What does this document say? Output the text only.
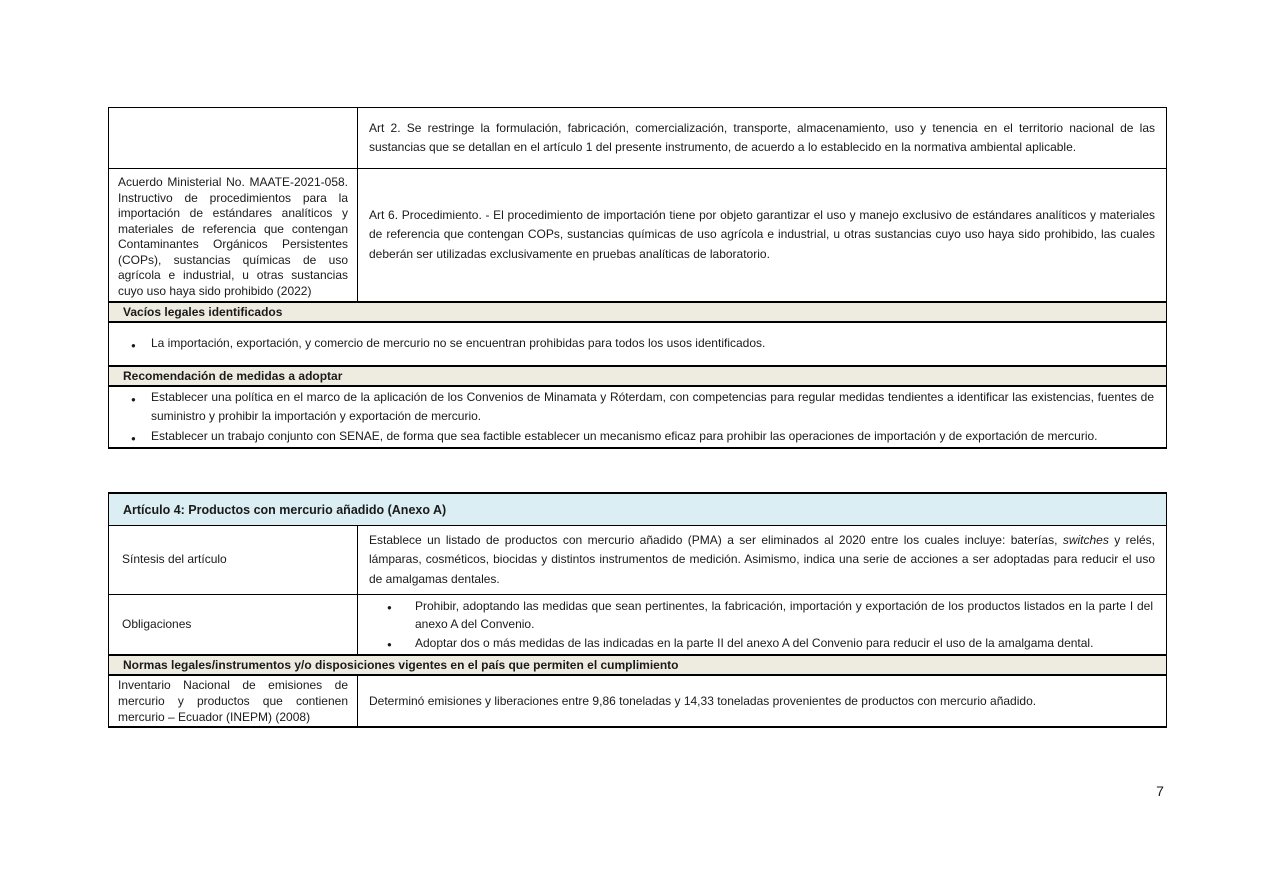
Art 2. Se restringe la formulación, fabricación, comercialización, transporte, almacenamiento, uso y tenencia en el territorio nacional de las sustancias que se detallan en el artículo 1 del presente instrumento, de acuerdo a lo establecido en la normativa ambiental aplicable.
Acuerdo Ministerial No. MAATE-2021-058. Instructivo de procedimientos para la importación de estándares analíticos y materiales de referencia que contengan Contaminantes Orgánicos Persistentes (COPs), sustancias químicas de uso agrícola e industrial, u otras sustancias cuyo uso haya sido prohibido (2022)
Art 6. Procedimiento. - El procedimiento de importación tiene por objeto garantizar el uso y manejo exclusivo de estándares analíticos y materiales de referencia que contengan COPs, sustancias químicas de uso agrícola e industrial, u otras sustancias cuyo uso haya sido prohibido, las cuales deberán ser utilizadas exclusivamente en pruebas analíticas de laboratorio.
Vacíos legales identificados
● La importación, exportación, y comercio de mercurio no se encuentran prohibidas para todos los usos identificados.
Recomendación de medidas a adoptar
● Establecer una política en el marco de la aplicación de los Convenios de Minamata y Róterdam, con competencias para regular medidas tendientes a identificar las existencias, fuentes de suministro y prohibir la importación y exportación de mercurio.
● Establecer un trabajo conjunto con SENAE, de forma que sea factible establecer un mecanismo eficaz para prohibir las operaciones de importación y de exportación de mercurio.
Artículo 4: Productos con mercurio añadido (Anexo A)
Síntesis del artículo
Establece un listado de productos con mercurio añadido (PMA) a ser eliminados al 2020 entre los cuales incluye: baterías, switches y relés, lámparas, cosméticos, biocidas y distintos instrumentos de medición. Asimismo, indica una serie de acciones a ser adoptadas para reducir el uso de amalgamas dentales.
Obligaciones
● Prohibir, adoptando las medidas que sean pertinentes, la fabricación, importación y exportación de los productos listados en la parte I del anexo A del Convenio.
● Adoptar dos o más medidas de las indicadas en la parte II del anexo A del Convenio para reducir el uso de la amalgama dental.
Normas legales/instrumentos y/o disposiciones vigentes en el país que permiten el cumplimiento
Inventario Nacional de emisiones de mercurio y productos que contienen mercurio – Ecuador (INEPM) (2008)
Determinó emisiones y liberaciones entre 9,86 toneladas y 14,33 toneladas provenientes de productos con mercurio añadido.
7
